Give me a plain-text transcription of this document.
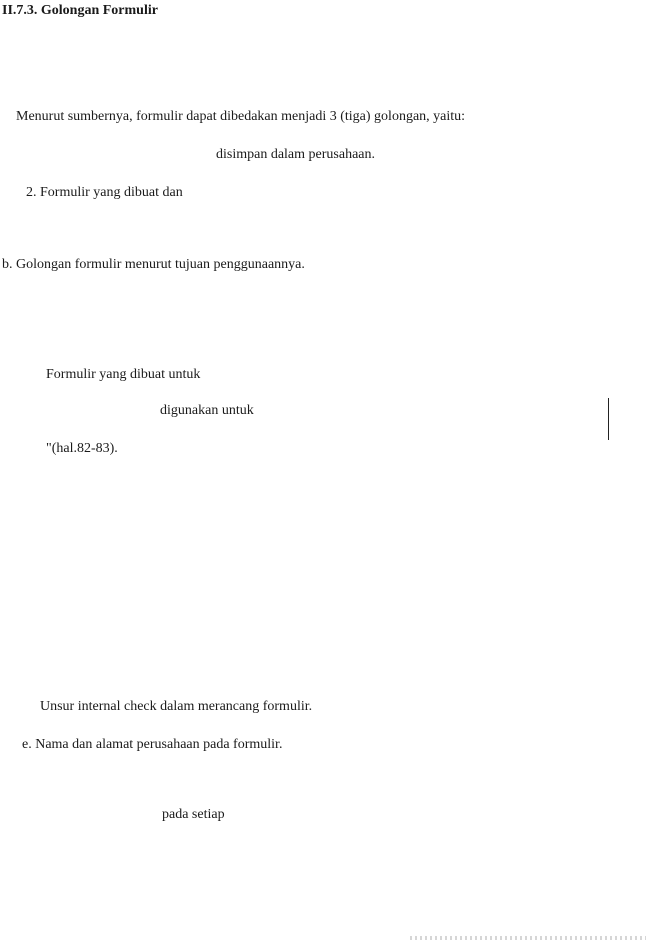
II.7.3. Golongan Formulir
Menurut sumbernya, formulir dapat dibedakan menjadi 3 (tiga) golongan, yaitu:
disimpan dalam perusahaan.
2. Formulir yang dibuat dan
b. Golongan formulir menurut tujuan penggunaannya.
Formulir yang dibuat untuk
digunakan untuk
"(hal.82-83).
Unsur internal check dalam merancang formulir.
e. Nama dan alamat perusahaan pada formulir.
pada setiap
